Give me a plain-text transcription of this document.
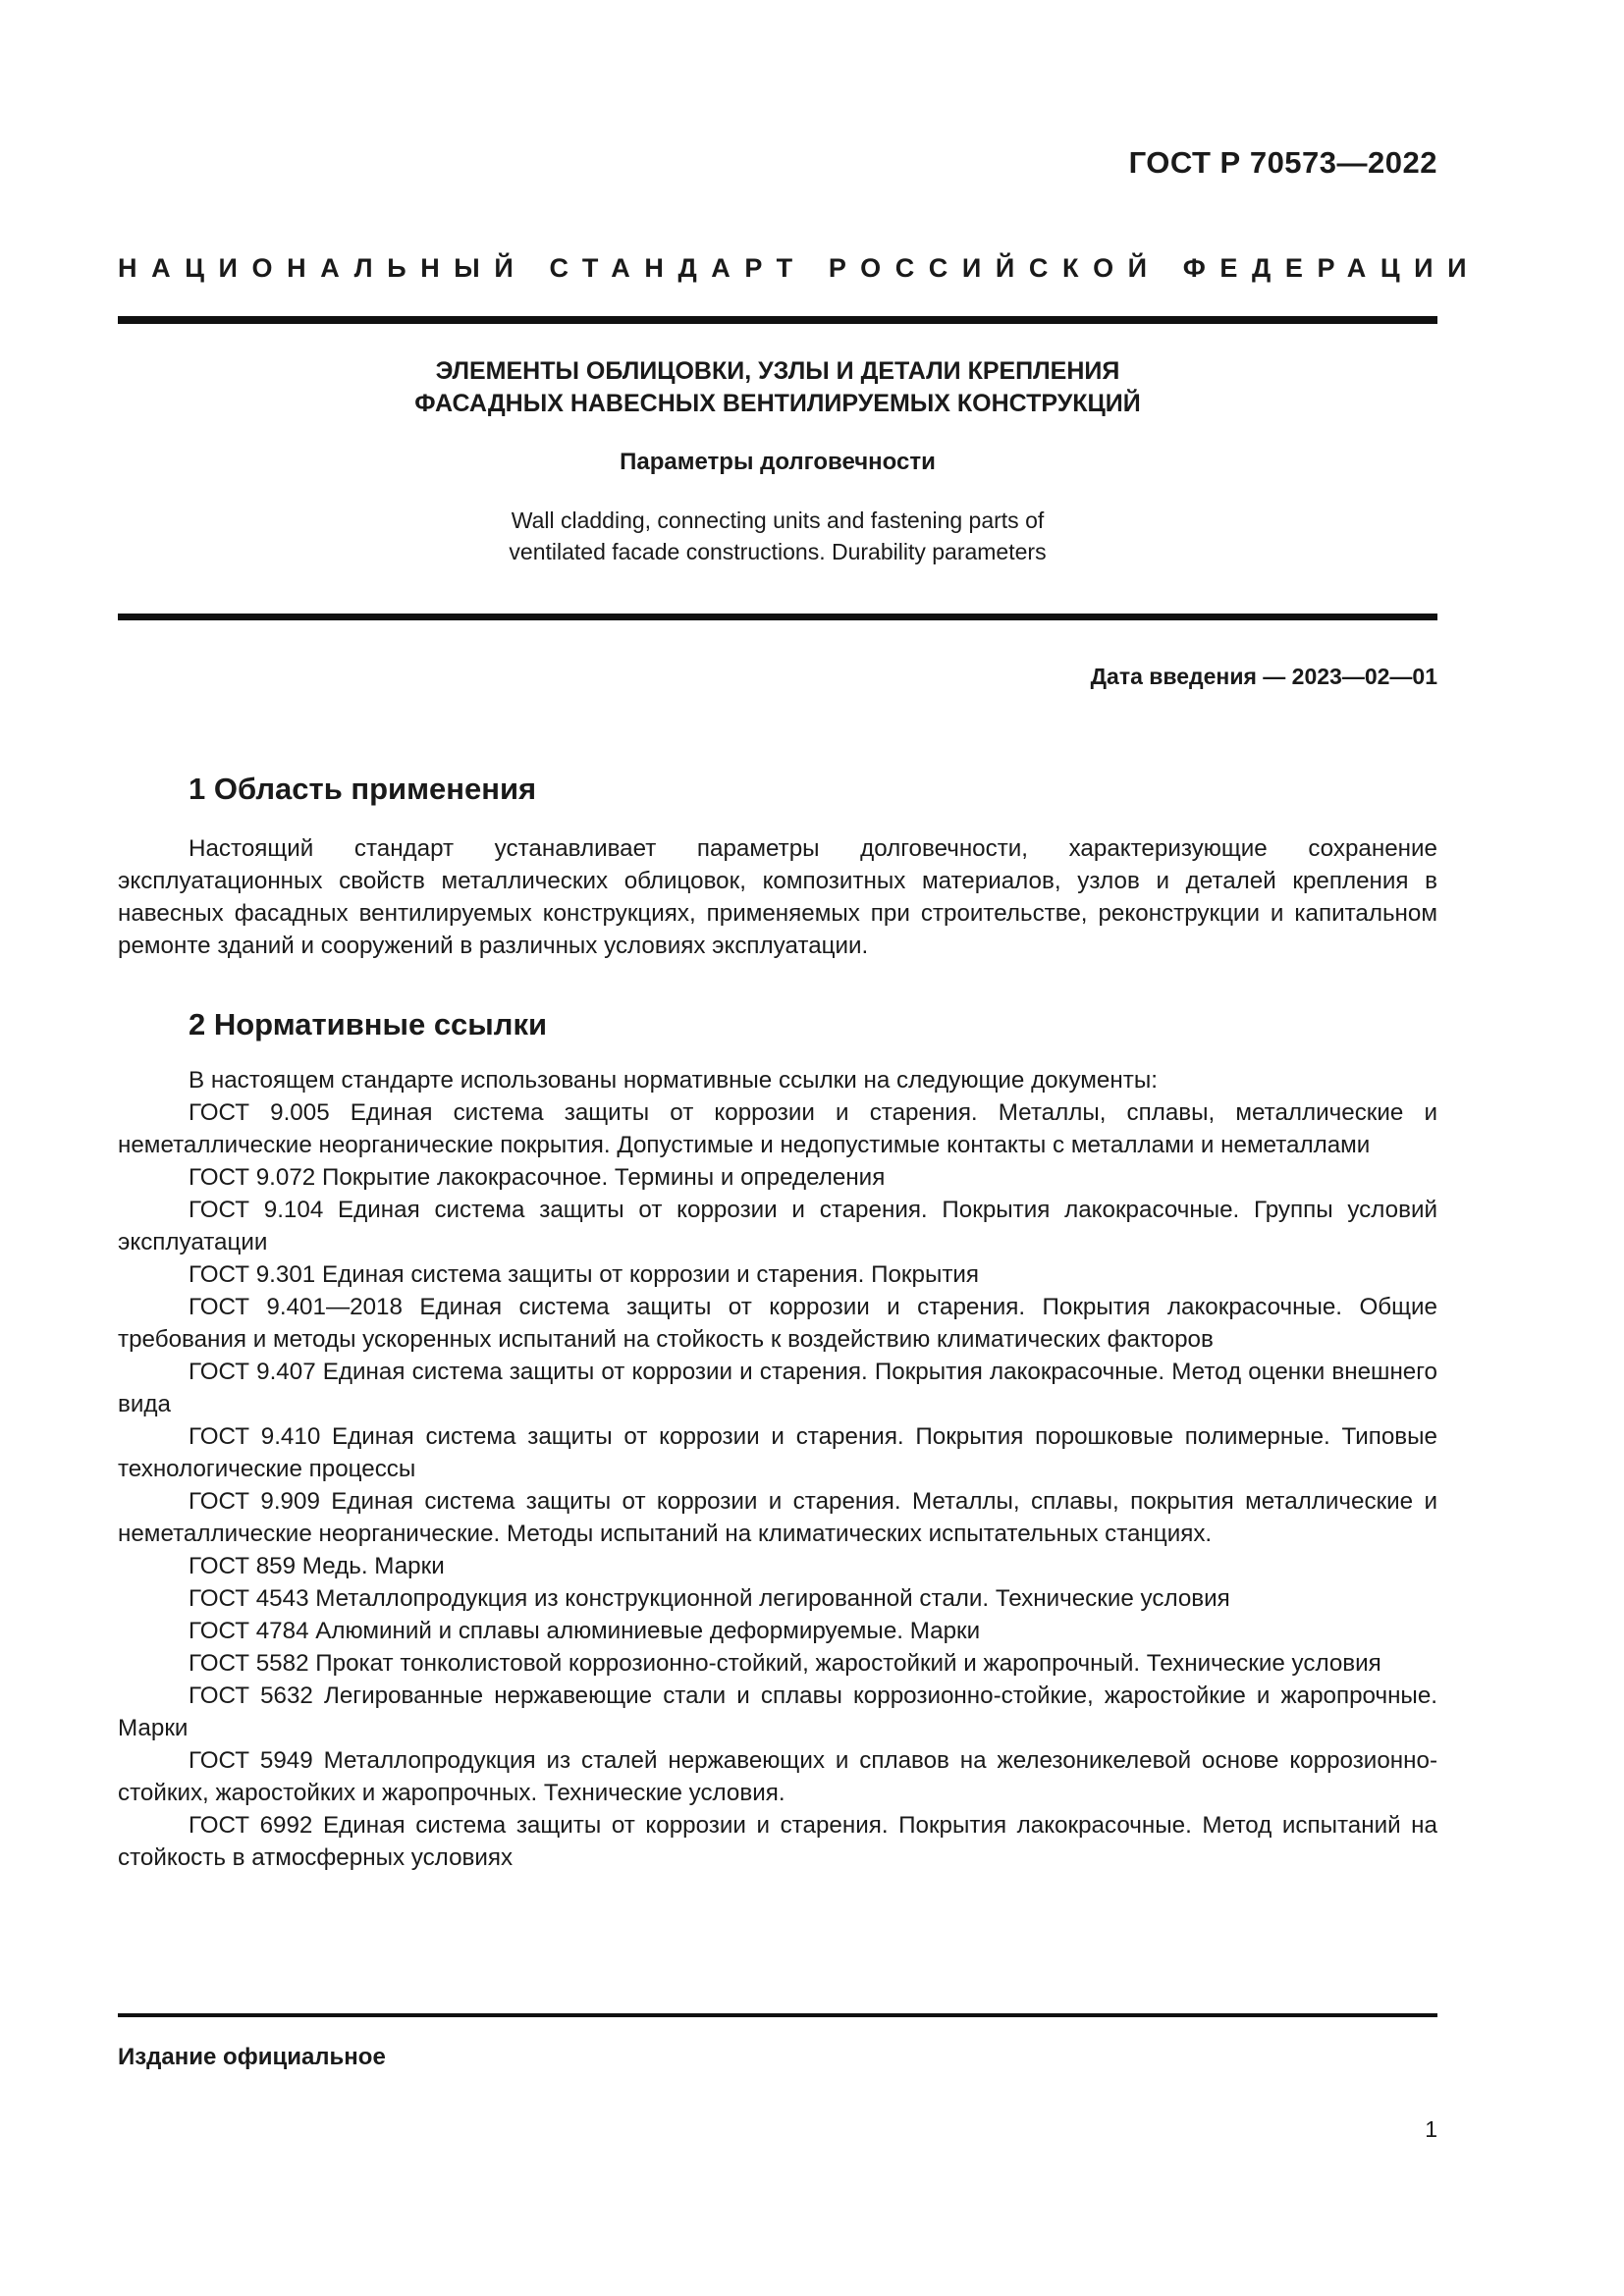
ГОСТ Р 70573—2022

НАЦИОНАЛЬНЫЙ СТАНДАРТ РОССИЙСКОЙ ФЕДЕРАЦИИ

ЭЛЕМЕНТЫ ОБЛИЦОВКИ, УЗЛЫ И ДЕТАЛИ КРЕПЛЕНИЯ

ФАСАДНЫХ НАВЕСНЫХ ВЕНТИЛИРУЕМЫХ КОНСТРУКЦИЙ

Параметры долговечности

Wall cladding, connecting units and fastening parts of
ventilated facade constructions. Durability parameters

Дата введения — 2023—02—01

1 Область применения

Настоящий стандарт устанавливает параметры долговечности, характеризующие сохранение эксплуатационных свойств металлических облицовок, композитных материалов, узлов и деталей крепления в навесных фасадных вентилируемых конструкциях, применяемых при строительстве, реконструкции и капитальном ремонте зданий и сооружений в различных условиях эксплуатации.

2 Нормативные ссылки

В настоящем стандарте использованы нормативные ссылки на следующие документы:

ГОСТ 9.005 Единая система защиты от коррозии и старения. Металлы, сплавы, металлические и неметаллические неорганические покрытия. Допустимые и недопустимые контакты с металлами и неметаллами

ГОСТ 9.072 Покрытие лакокрасочное. Термины и определения

ГОСТ 9.104 Единая система защиты от коррозии и старения. Покрытия лакокрасочные. Группы условий эксплуатации

ГОСТ 9.301 Единая система защиты от коррозии и старения. Покрытия

ГОСТ 9.401—2018 Единая система защиты от коррозии и старения. Покрытия лакокрасочные. Общие требования и методы ускоренных испытаний на стойкость к воздействию климатических факторов

ГОСТ 9.407 Единая система защиты от коррозии и старения. Покрытия лакокрасочные. Метод оценки внешнего вида

ГОСТ 9.410 Единая система защиты от коррозии и старения. Покрытия порошковые полимерные. Типовые технологические процессы

ГОСТ 9.909 Единая система защиты от коррозии и старения. Металлы, сплавы, покрытия металлические и неметаллические неорганические. Методы испытаний на климатических испытательных станциях.

ГОСТ 859 Медь. Марки

ГОСТ 4543 Металлопродукция из конструкционной легированной стали. Технические условия

ГОСТ 4784 Алюминий и сплавы алюминиевые деформируемые. Марки

ГОСТ 5582 Прокат тонколистовой коррозионно-стойкий, жаростойкий и жаропрочный. Технические условия

ГОСТ 5632 Легированные нержавеющие стали и сплавы коррозионно-стойкие, жаростойкие и жаропрочные. Марки

ГОСТ 5949 Металлопродукция из сталей нержавеющих и сплавов на железоникелевой основе коррозионно-стойких, жаростойких и жаропрочных. Технические условия.

ГОСТ 6992 Единая система защиты от коррозии и старения. Покрытия лакокрасочные. Метод испытаний на стойкость в атмосферных условиях

Издание официальное

1
